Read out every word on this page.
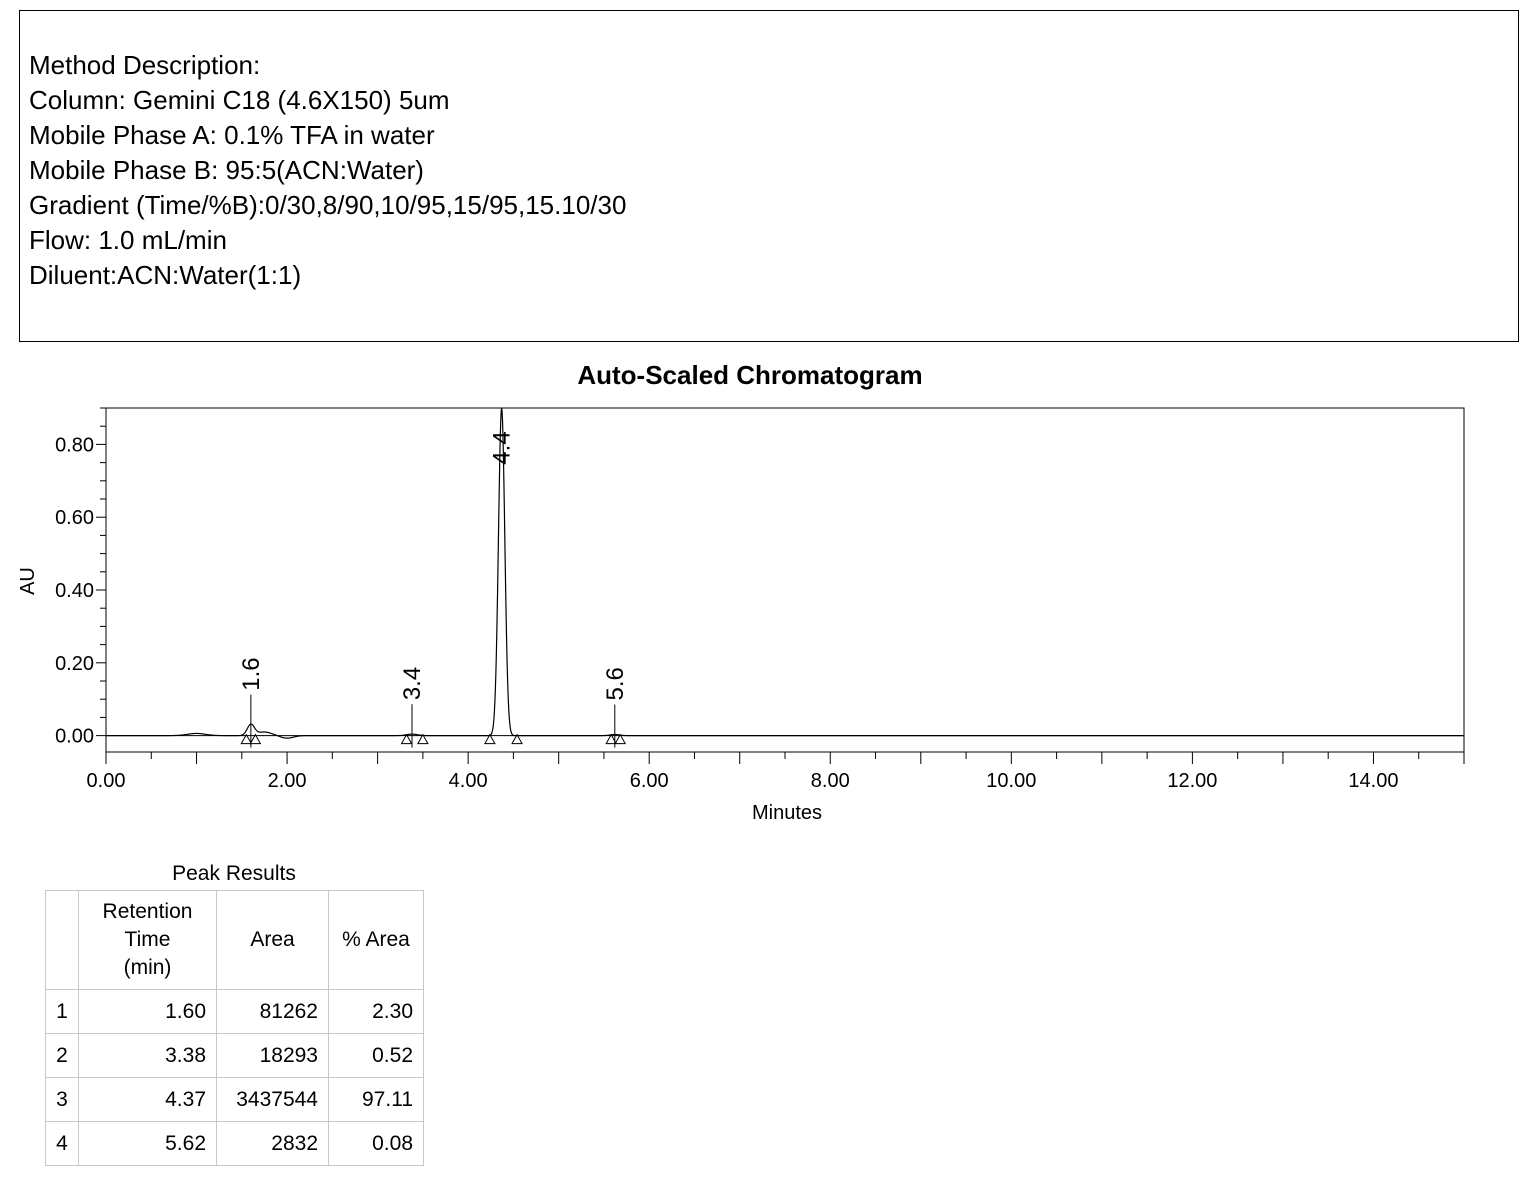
Method Description:
Column: Gemini C18 (4.6X150) 5um
Mobile Phase A: 0.1% TFA in water
Mobile Phase B: 95:5(ACN:Water)
Gradient (Time/%B):0/30,8/90,10/95,15/95,15.10/30
Flow: 1.0 mL/min
Diluent:ACN:Water(1:1)
Auto-Scaled Chromatogram
0.00
0.20
0.40
0.60
0.80
0.00	2.00	4.00	6.00	8.00	10.00	12.00	14.00
Minutes
AU
1.6	3.4
4.4
5.6
Peak Results
	Retention
Time
(min)	Area	% Area
1	1.60	81262	2.30
2	3.38	18293	0.52
3	4.37	3437544	97.11
4	5.62	2832	0.08
